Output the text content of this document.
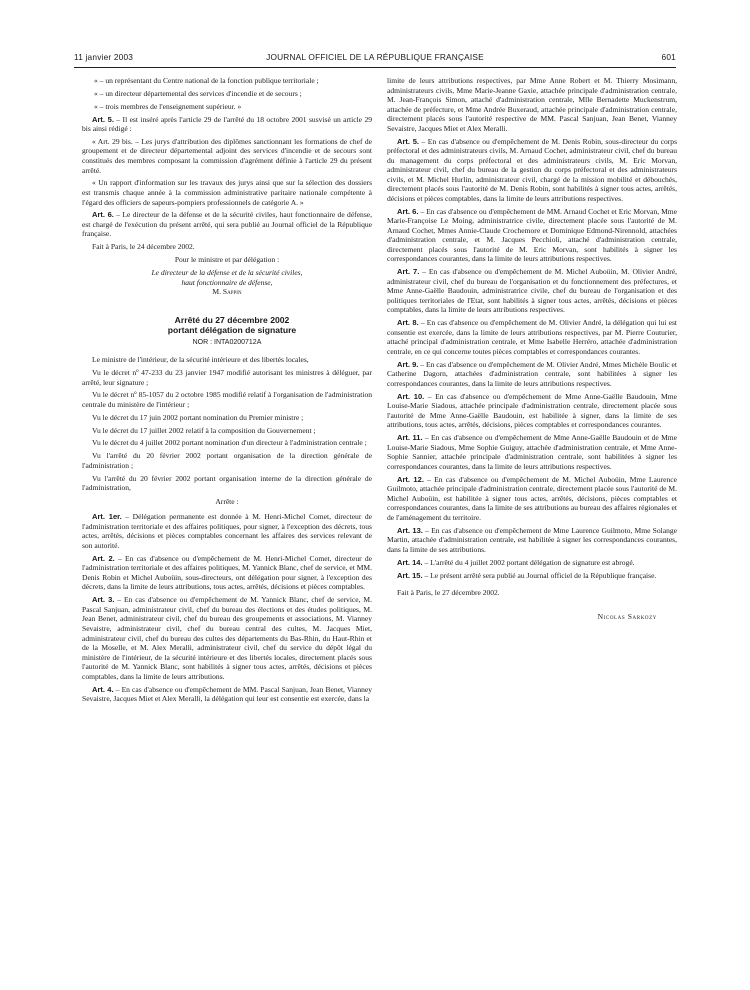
11 janvier 2003	JOURNAL OFFICIEL DE LA RÉPUBLIQUE FRANÇAISE	601

« – un représentant du Centre national de la fonction publique territoriale ;

« – un directeur départemental des services d'incendie et de secours ;

« – trois membres de l'enseignement supérieur. »

Art. 5. – Il est inséré après l'article 29 de l'arrêté du 18 octobre 2001 susvisé un article 29 bis ainsi rédigé :

« Art. 29 bis. – Les jurys d'attribution des diplômes sanctionnant les formations de chef de groupement et de directeur départemental adjoint des services d'incendie et de secours sont constitués des membres composant la commission d'agrément définie à l'article 29 du présent arrêté.

« Un rapport d'information sur les travaux des jurys ainsi que sur la sélection des dossiers est transmis chaque année à la commission administrative paritaire nationale compétente à l'égard des officiers de sapeurs-pompiers professionnels de catégorie A. »

Art. 6. – Le directeur de la défense et de la sécurité civiles, haut fonctionnaire de défense, est chargé de l'exécution du présent arrêté, qui sera publié au Journal officiel de la République française.

Fait à Paris, le 24 décembre 2002.

Pour le ministre et par délégation :

Le directeur de la défense et de la sécurité civiles,

haut fonctionnaire de défense,

M. Sappin

Arrêté du 27 décembre 2002

portant délégation de signature

NOR : INTA0200712A

Le ministre de l'intérieur, de la sécurité intérieure et des libertés locales,

Vu le décret nº 47-233 du 23 janvier 1947 modifié autorisant les ministres à déléguer, par arrêté, leur signature ;

Vu le décret nº 85-1057 du 2 octobre 1985 modifié relatif à l'organisation de l'administration centrale du ministère de l'intérieur ;

Vu le décret du 17 juin 2002 portant nomination du Premier ministre ;

Vu le décret du 17 juillet 2002 relatif à la composition du Gouvernement ;

Vu le décret du 4 juillet 2002 portant nomination d'un directeur à l'administration centrale ;

Vu l'arrêté du 20 février 2002 portant organisation de la direction générale de l'administration ;

Vu l'arrêté du 20 février 2002 portant organisation interne de la direction générale de l'administration,

Arrête :

Art. 1er. – Délégation permanente est donnée à M. Henri-Michel Comet, directeur de l'administration territoriale et des affaires politiques, pour signer, à l'exception des décrets, tous actes, arrêtés, décisions et pièces comptables concernant les affaires des services relevant de son autorité.

Art. 2. – En cas d'absence ou d'empêchement de M. Henri-Michel Comet, directeur de l'administration territoriale et des affaires politiques, M. Yannick Blanc, chef de service, et MM. Denis Robin et Michel Auboüin, sous-directeurs, ont délégation pour signer, à l'exception des décrets, dans la limite de leurs attributions, tous actes, arrêtés, décisions et pièces comptables.

Art. 3. – En cas d'absence ou d'empêchement de M. Yannick Blanc, chef de service, M. Pascal Sanjuan, administrateur civil, chef du bureau des élections et des études politiques, M. Jean Benet, administrateur civil, chef du bureau des groupements et associations, M. Vianney Sevaistre, administrateur civil, chef du bureau central des cultes, M. Jacques Miet, administrateur civil, chef du bureau des cultes des départements du Bas-Rhin, du Haut-Rhin et de la Moselle, et M. Alex Meralli, administrateur civil, chef du service du dépôt légal du ministère de l'intérieur, de la sécurité intérieure et des libertés locales, directement placés sous l'autorité de M. Yannick Blanc, sont habilités à signer tous actes, arrêtés, décisions et pièces comptables, dans la limite de leurs attributions.

Art. 4. – En cas d'absence ou d'empêchement de MM. Pascal Sanjuan, Jean Benet, Vianney Sevaistre, Jacques Miet et Alex Meralli, la délégation qui leur est consentie est exercée, dans la

limite de leurs attributions respectives, par Mme Anne Robert et M. Thierry Mosimann, administrateurs civils, Mme Marie-Jeanne Gaxie, attachée principale d'administration centrale, M. Jean-François Simon, attaché d'administration centrale, Mlle Bernadette Muckenstrum, attachée de préfecture, et Mme Andrée Buxeraud, attachée principale d'administration centrale, directement placés sous l'autorité respective de MM. Pascal Sanjuan, Jean Benet, Vianney Sevaistre, Jacques Miet et Alex Meralli.

Art. 5. – En cas d'absence ou d'empêchement de M. Denis Robin, sous-directeur du corps préfectoral et des administrateurs civils, M. Arnaud Cochet, administrateur civil, chef du bureau du management du corps préfectoral et des administrateurs civils, M. Eric Morvan, administrateur civil, chef du bureau de la gestion du corps préfectoral et des administrateurs civils, et M. Michel Hurlin, administrateur civil, chargé de la mission mobilité et débouchés, directement placés sous l'autorité de M. Denis Robin, sont habilités à signer tous actes, arrêtés, décisions et pièces comptables, dans la limite de leurs attributions respectives.

Art. 6. – En cas d'absence ou d'empêchement de MM. Arnaud Cochet et Eric Morvan, Mme Marie-Françoise Le Moing, administratrice civile, directement placée sous l'autorité de M. Arnaud Cochet, Mmes Annie-Claude Crochemore et Dominique Edmond-Nirennold, attachées d'administration centrale, et M. Jacques Pecchioli, attaché d'administration centrale, directement placés sous l'autorité de M. Eric Morvan, sont habilités à signer les correspondances courantes, dans la limite de leurs attributions respectives.

Art. 7. – En cas d'absence ou d'empêchement de M. Michel Auboüin, M. Olivier André, administrateur civil, chef du bureau de l'organisation et du fonctionnement des préfectures, et Mme Anne-Gaëlle Baudouin, administratrice civile, chef du bureau de l'organisation et des politiques territoriales de l'Etat, sont habilités à signer tous actes, arrêtés, décisions et pièces comptables, dans la limite de leurs attributions respectives.

Art. 8. – En cas d'absence ou d'empêchement de M. Olivier André, la délégation qui lui est consentie est exercée, dans la limite de leurs attributions respectives, par M. Pierre Couturier, attaché principal d'administration centrale, et Mme Isabelle Herréro, attachée d'administration centrale, en ce qui concerne toutes pièces comptables et correspondances courantes.

Art. 9. – En cas d'absence ou d'empêchement de M. Olivier André, Mmes Michèle Boulic et Catherine Dagorn, attachées d'administration centrale, sont habilitées à signer les correspondances courantes, dans la limite de leurs attributions respectives.

Art. 10. – En cas d'absence ou d'empêchement de Mme Anne-Gaëlle Baudouin, Mme Louise-Marie Siadous, attachée principale d'administration centrale, directement placée sous l'autorité de Mme Anne-Gaëlle Baudouin, est habilitée à signer, dans la limite de ses attributions, tous actes, arrêtés, décisions, pièces comptables et correspondances courantes.

Art. 11. – En cas d'absence ou d'empêchement de Mme Anne-Gaëlle Baudouin et de Mme Louise-Marie Siadous, Mme Sophie Guiguy, attachée d'administration centrale, et Mme Anne-Sophie Sannier, attachée principale d'administration centrale, sont habilitées à signer les correspondances courantes, dans la limite de leurs attributions respectives.

Art. 12. – En cas d'absence ou d'empêchement de M. Michel Auboüin, Mme Laurence Guilmoto, attachée principale d'administration centrale, directement placée sous l'autorité de M. Michel Auboüin, est habilitée à signer tous actes, arrêtés, décisions, pièces comptables et correspondances courantes, dans la limite de ses attributions au bureau des affaires régionales et de l'aménagement du territoire.

Art. 13. – En cas d'absence ou d'empêchement de Mme Laurence Guilmoto, Mme Solange Martin, attachée d'administration centrale, est habilitée à signer les correspondances courantes, dans la limite de ses attributions.

Art. 14. – L'arrêté du 4 juillet 2002 portant délégation de signature est abrogé.

Art. 15. – Le présent arrêté sera publié au Journal officiel de la République française.

Fait à Paris, le 27 décembre 2002.

Nicolas Sarkozy
